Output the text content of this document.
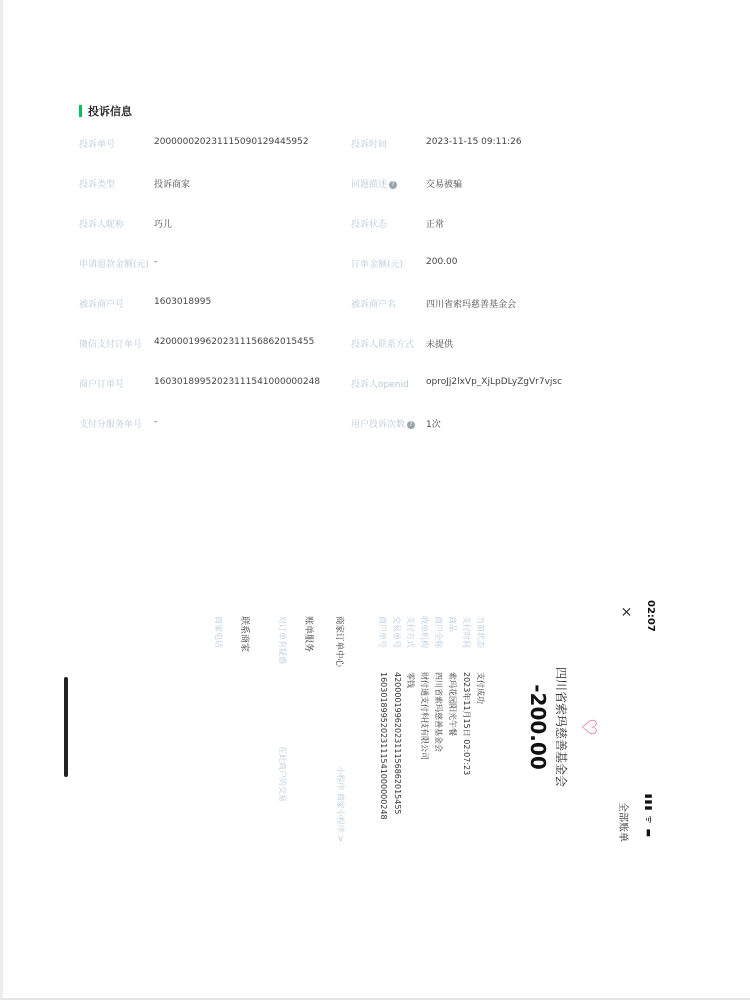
投诉信息
投诉单号	200000020231115090129445952	投诉时间	2023-11-15 09:11:26
投诉类型	投诉商家	问题描述 ?	交易被骗
投诉人昵称	巧儿	投诉状态	正常
申请退款金额(元) -	订单金额(元)	200.00
被诉商户号	1603018995	被诉商户名	四川省索玛慈善基金会
微信支付订单号 4200001996202311156862015455	投诉人联系方式 未提供
商户订单号	16030189952023111541000000248	投诉人openid oproJj2lxVp_XjLpDLyZgVr7vjsc
支付分服务单号 -	用户投诉次数 ? 1次
02:07
▮▮▮ ᯤ ▬
×
全部账单
♡
四川省索玛慈善基金会
-200.00
当前状态
支付成功
支付时间
2023年11月15日 02:07:23
商品
索玛花园阳光午餐
商户全称
四川省索玛慈善基金会
收单机构
财付通支付科技有限公司
支付方式
零钱
交易单号
4200001996202311156862015455
商户单号
16030189952023111541000000248
商家订单中心
小程序 商家小程序 >
账单服务
对订单有疑惑
在此商户的交易
联系商家
商家电话
